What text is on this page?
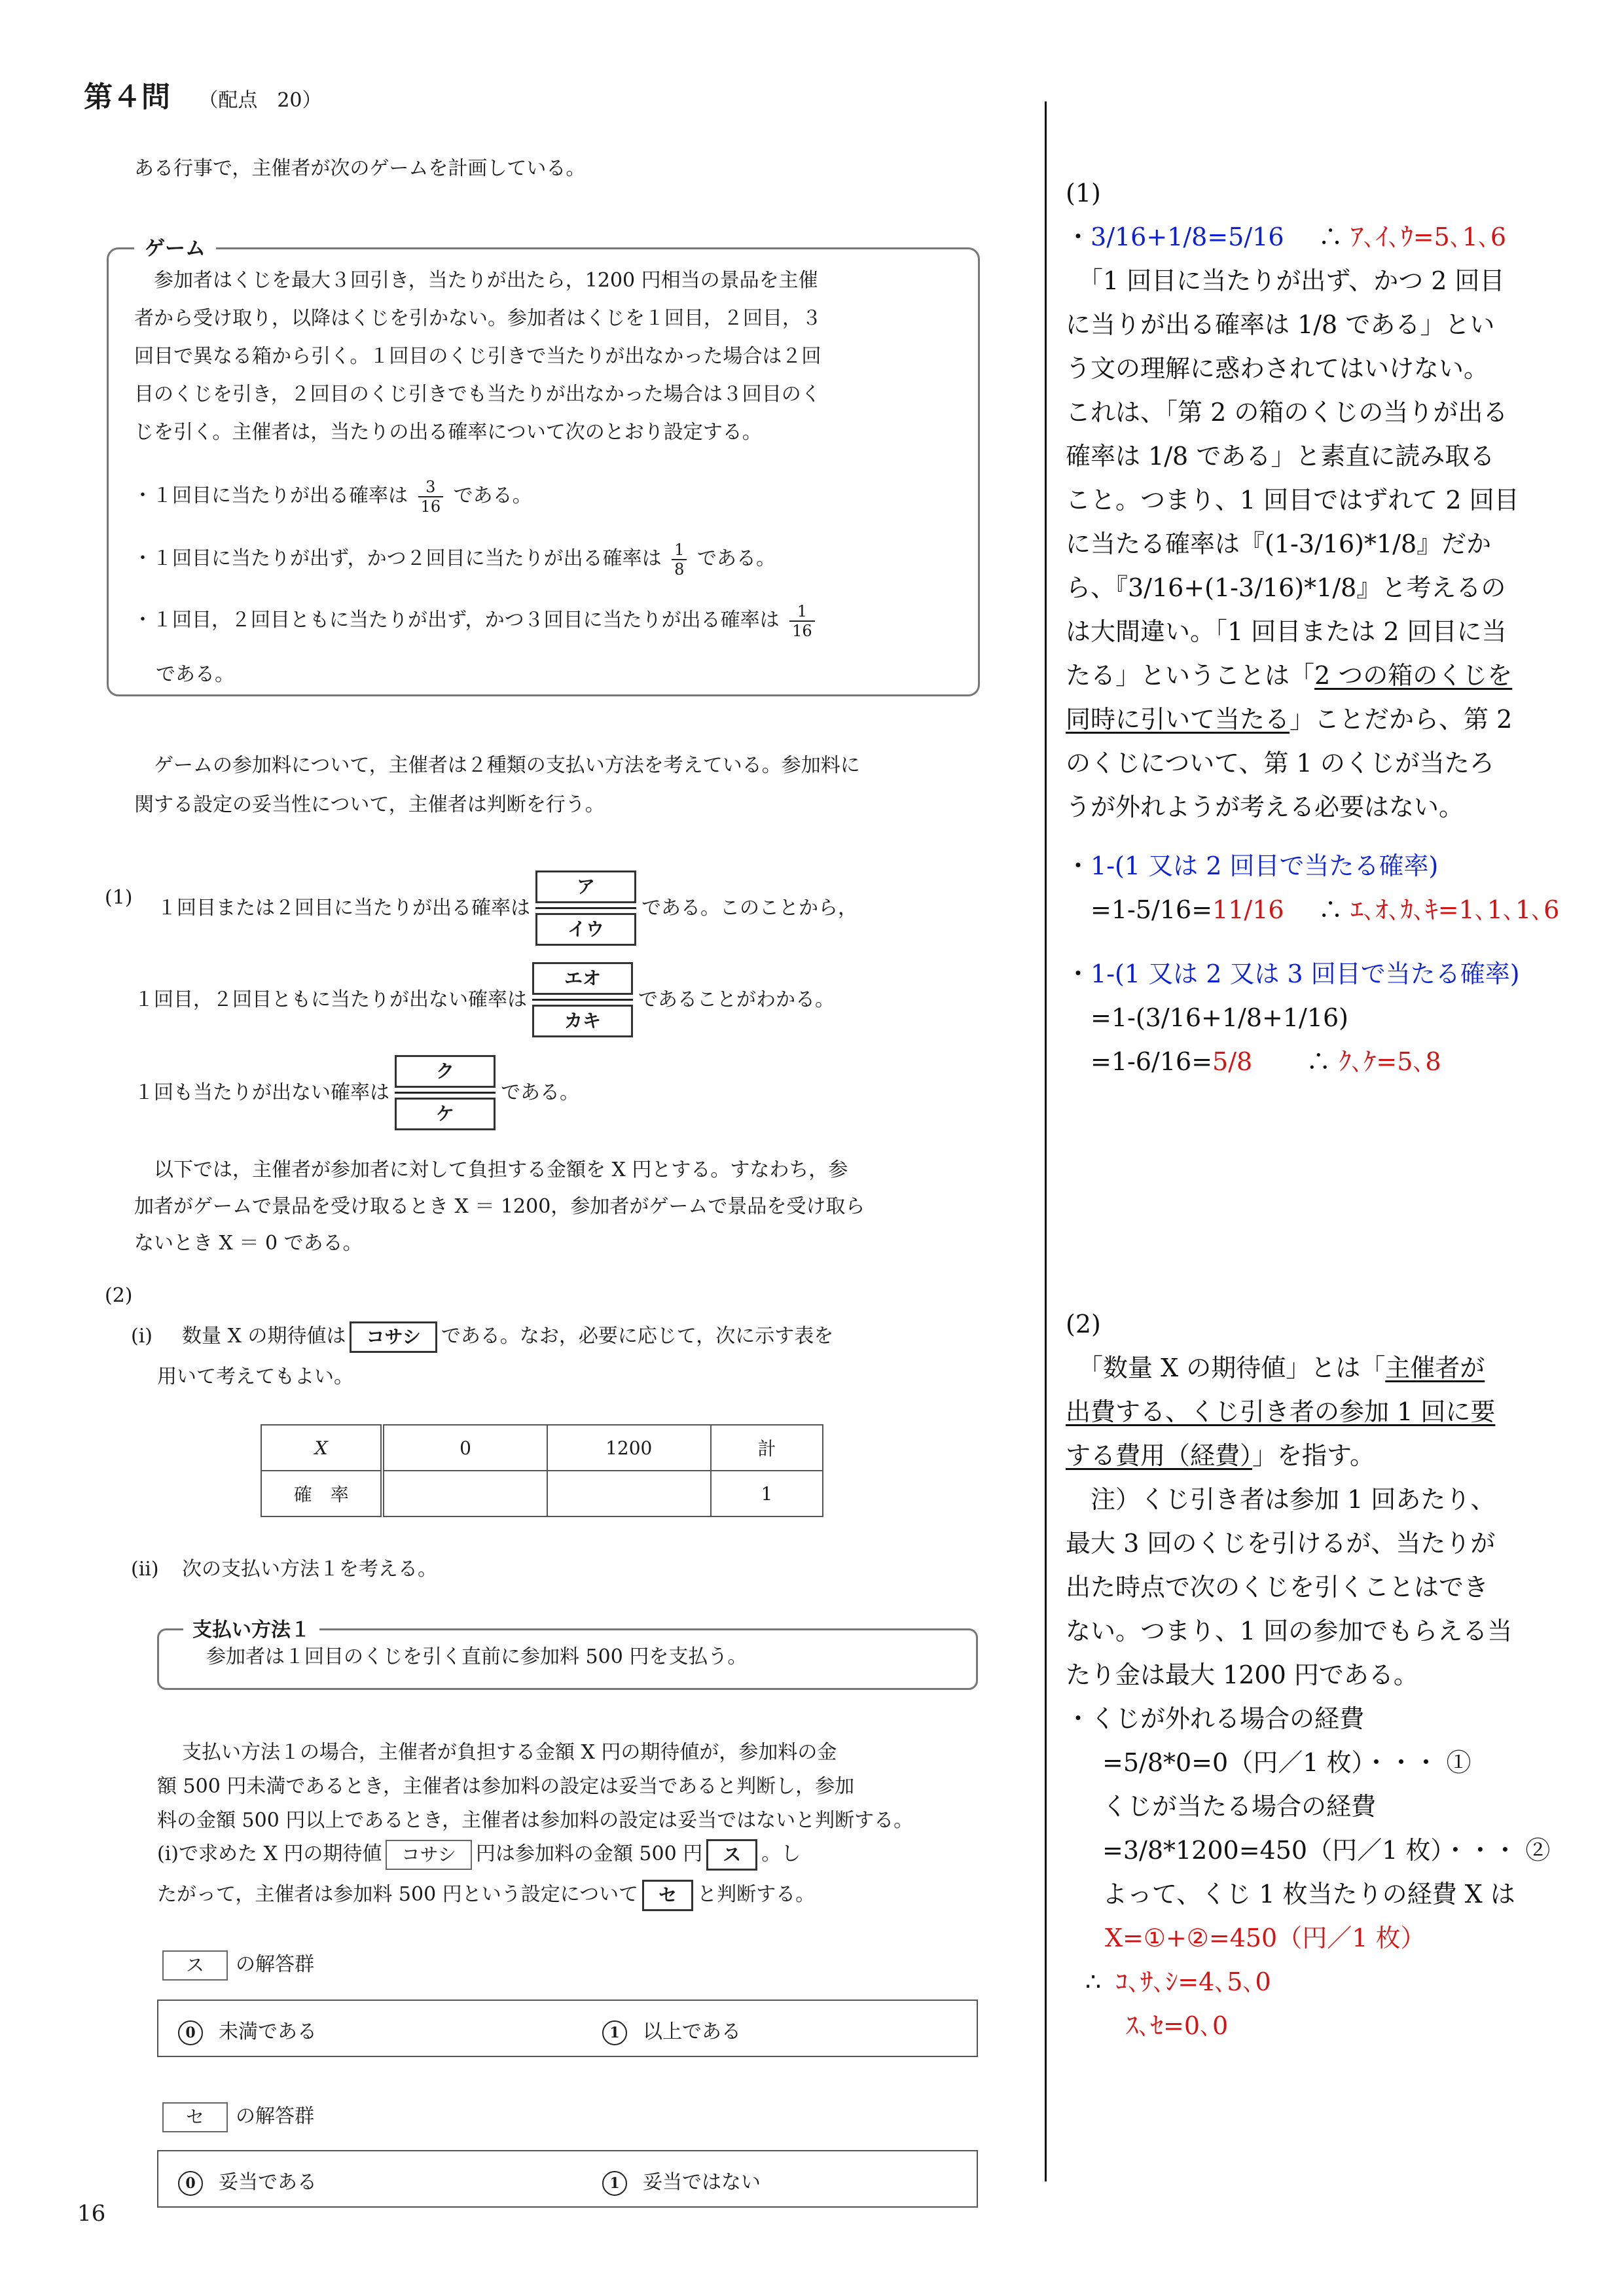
第４問 （配点　20）
ある行事で，主催者が次のゲームを計画している。
ゲーム
　参加者はくじを最大３回引き，当たりが出たら，1200 円相当の景品を主催
者から受け取り，以降はくじを引かない。参加者はくじを１回目，２回目，３
回目で異なる箱から引く。１回目のくじ引きで当たりが出なかった場合は２回
目のくじを引き，２回目のくじ引きでも当たりが出なかった場合は３回目のく
じを引く。主催者は，当たりの出る確率について次のとおり設定する。
・１回目に当たりが出る確率は $\frac{3}{16}$ である。
・１回目に当たりが出ず，かつ２回目に当たりが出る確率は $\frac{1}{8}$ である。
・１回目，２回目ともに当たりが出ず，かつ３回目に当たりが出る確率は $\frac{1}{16}$
である。
　ゲームの参加料について，主催者は２種類の支払い方法を考えている。参加料に
関する設定の妥当性について，主催者は判断を行う。
(1) １回目または２回目に当たりが出る確率は
ア
イウ
である。このことから，
１回目，２回目ともに当たりが出ない確率は
エオ
カキ
であることがわかる。
１回も当たりが出ない確率は
ク
ケ
である。
　以下では，主催者が参加者に対して負担する金額を X 円とする。すなわち，参
加者がゲームで景品を受け取るとき X ＝ 1200，参加者がゲームで景品を受け取ら
ないとき X ＝ 0 である。
(2)
(i) 数量 X の期待値は コサシ である。なお，必要に応じて，次に示す表を
用いて考えてもよい。
X	0	1200	計
確　率			1
(ii) 次の支払い方法１を考える。
支払い方法１
参加者は１回目のくじを引く直前に参加料 500 円を支払う。
支払い方法１の場合，主催者が負担する金額 X 円の期待値が，参加料の金
額 500 円未満であるとき，主催者は参加料の設定は妥当であると判断し，参加
料の金額 500 円以上であるとき，主催者は参加料の設定は妥当ではないと判断する。
(i)で求めた X 円の期待値 コサシ 円は参加料の金額 500 円 ス 。し
たがって，主催者は参加料 500 円という設定について セ と判断する。
ス の解答群
0 未満である	1 以上である
セ の解答群
0 妥当である	1 妥当ではない
16
(1)
・3/16+1/8=5/16 ∴ ｱ､ｲ､ｳ=5､1､6
　「1 回目に当たりが出ず、かつ 2 回目
に当りが出る確率は 1/8 である」とい
う文の理解に惑わされてはいけない。
これは、「第 2 の箱のくじの当りが出る
確率は 1/8 である」と素直に読み取る
こと。つまり、1 回目ではずれて 2 回目
に当たる確率は『(1-3/16)*1/8』だか
ら、『3/16+(1-3/16)*1/8』と考えるの
は大間違い。「1 回目または 2 回目に当
たる」ということは「2 つの箱のくじを
同時に引いて当たる」ことだから、第 2
のくじについて、第 1 のくじが当たろ
うが外れようが考える必要はない。
・1-(1 又は 2 回目で当たる確率)
=1-5/16=11/16 ∴ ｴ､ｵ､ｶ､ｷ=1､1､1､6
・1-(1 又は 2 又は 3 回目で当たる確率)
=1-(3/16+1/8+1/16)
=1-6/16=5/8 ∴ ｸ､ｹ=5､8
(2)
　「数量 X の期待値」とは「主催者が
出費する、くじ引き者の参加 1 回に要
する費用（経費）」を指す。
　注）くじ引き者は参加 1 回あたり、
最大 3 回のくじを引けるが、当たりが
出た時点で次のくじを引くことはでき
ない。つまり、1 回の参加でもらえる当
たり金は最大 1200 円である。
・くじが外れる場合の経費
　=5/8*0=0（円／1 枚）・・・ ①
　くじが当たる場合の経費
　=3/8*1200=450（円／1 枚）・・・ ②
　よって、くじ 1 枚当たりの経費 X は
X=①+②=450（円／1 枚）
∴ ｺ､ｻ､ｼ=4､5､0
ｽ､ｾ=0､0
